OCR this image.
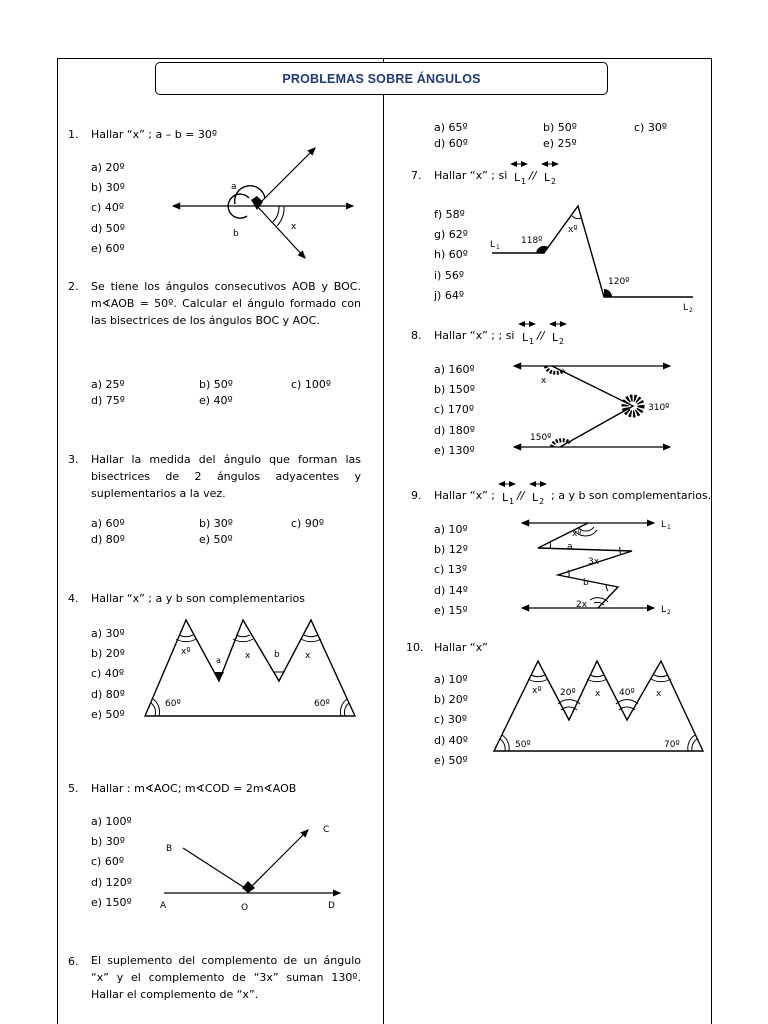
PROBLEMAS SOBRE ÁNGULOS
1. Hallar “x” ; a – b = 30º
a) 20º
b) 30º
c) 40º
d) 50º
e) 60º
a
b
x
2. Se tiene los ángulos consecutivos AOB y BOC. m∢AOB = 50º. Calcular el ángulo formado con las bisectrices de los ángulos BOC y AOC.
a) 25º	b) 50º	c) 100º
d) 75º	e) 40º
3. Hallar la medida del ángulo que forman las bisectrices de 2 ángulos adyacentes y suplementarios a la vez.
a) 60º	b) 30º	c) 90º
d) 80º	e) 50º
4. Hallar “x” ; a y b son complementarios
a) 30º
b) 20º
c) 40º
d) 80º
e) 50º
xº
a	x	b	x
60º	60º
5. Hallar : m∢AOC; m∢COD = 2m∢AOB
a) 100º
b) 30º
c) 60º
d) 120º
e) 150º
B
C
A	O	D
6. El suplemento del complemento de un ángulo “x” y el complemento de “3x” suman 130º. Hallar el complemento de “x”.
a) 65º	b) 50º	c) 30º
d) 60º	e) 25º
7. Hallar “x” ; si L 1 // L 2
f) 58º
g) 62º
h) 60º
i) 56º
j) 64º
118º
xº
120º
L 1
L 2
8. Hallar “x” ; ; si L 1 // L 2
a) 160º
b) 150º
c) 170º
d) 180º
e) 130º
x
310º
150º
9. Hallar “x” ; L 1 // L 2 ; a y b son complementarios.
a) 10º
b) 12º
c) 13º
d) 14º
e) 15º
xº
a
3x
b
2x
L 1
L 2
10. Hallar “x”
a) 10º
b) 20º
c) 30º
d) 40º
e) 50º
xº 20º x 40º x
50º	70º
